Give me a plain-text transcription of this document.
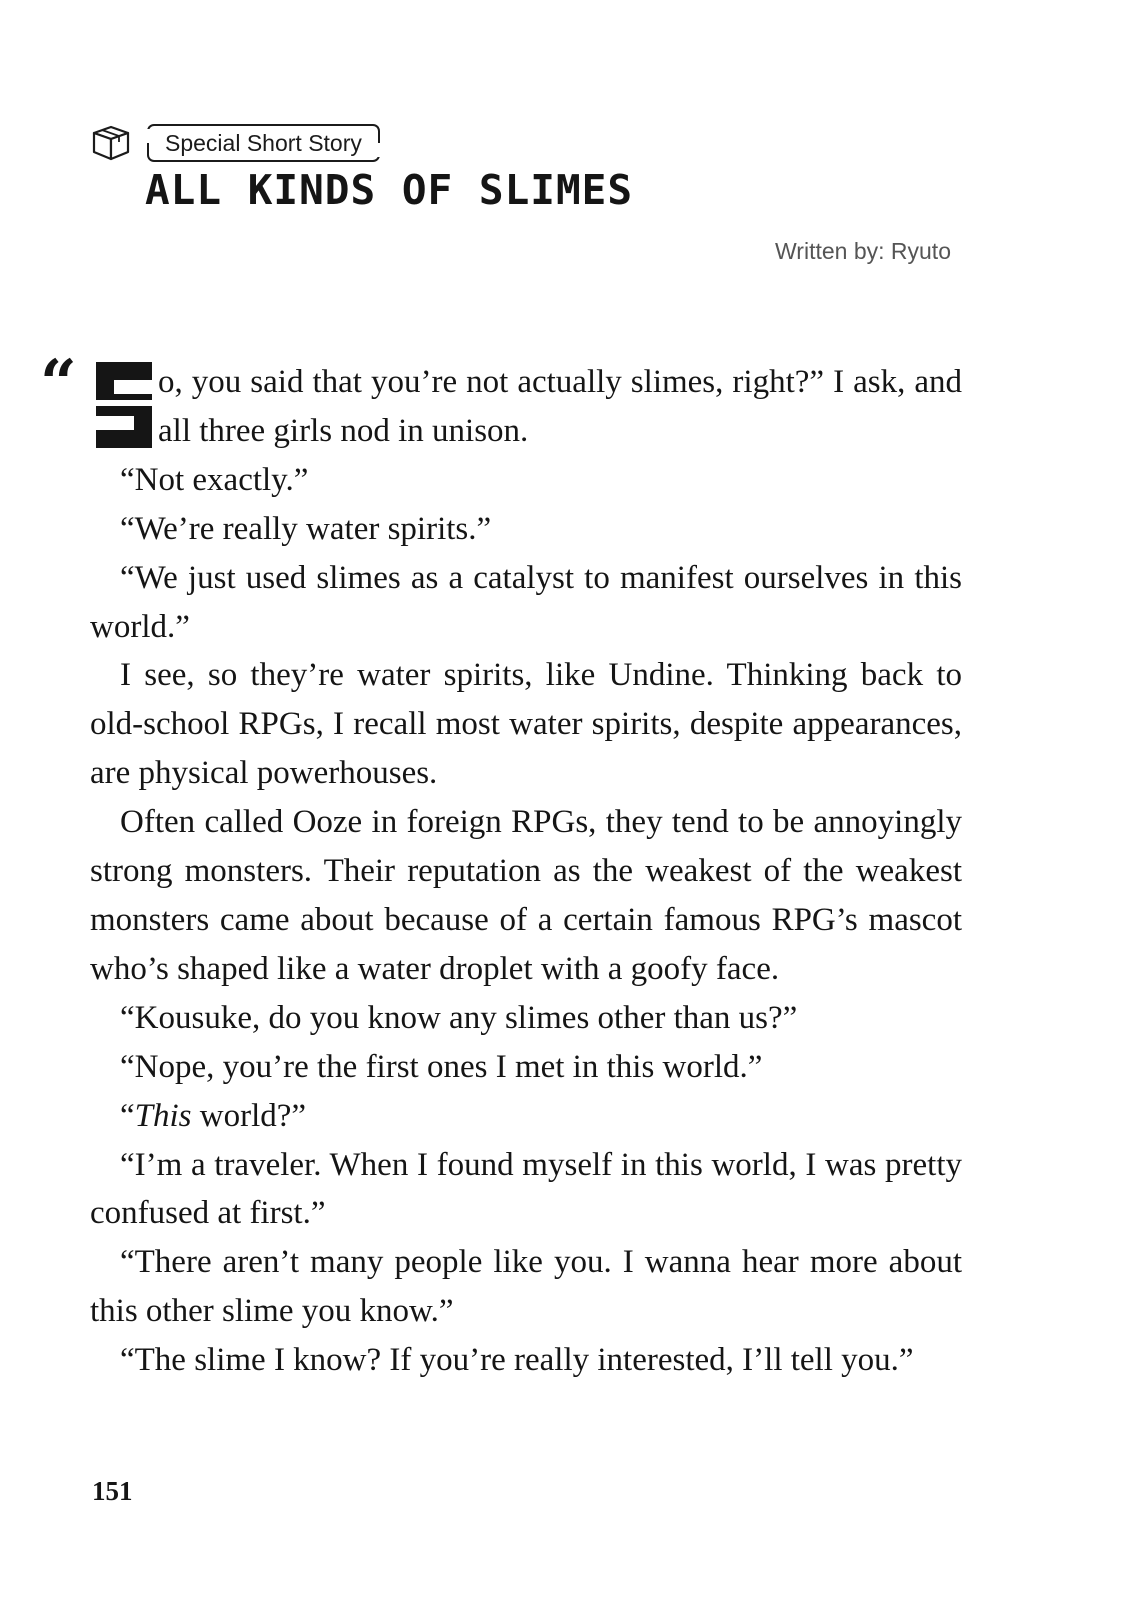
Special Short Story
ALL KINDS OF SLIMES
Written by: Ryuto
“	o, you said that you’re not actually slimes, right?” I ask, and all three girls nod in unison.

“Not exactly.”

“We’re really water spirits.”

“We just used slimes as a catalyst to manifest ourselves in this world.”

I see, so they’re water spirits, like Undine. Thinking back to old-school RPGs, I recall most water spirits, despite appearances, are physical powerhouses.

Often called Ooze in foreign RPGs, they tend to be annoyingly strong monsters. Their reputation as the weakest of the weakest monsters came about because of a certain famous RPG’s mascot who’s shaped like a water droplet with a goofy face.

“Kousuke, do you know any slimes other than us?”

“Nope, you’re the first ones I met in this world.”

“This world?”

“I’m a traveler. When I found myself in this world, I was pretty confused at first.”

“There aren’t many people like you. I wanna hear more about this other slime you know.”

“The slime I know? If you’re really interested, I’ll tell you.”

151
